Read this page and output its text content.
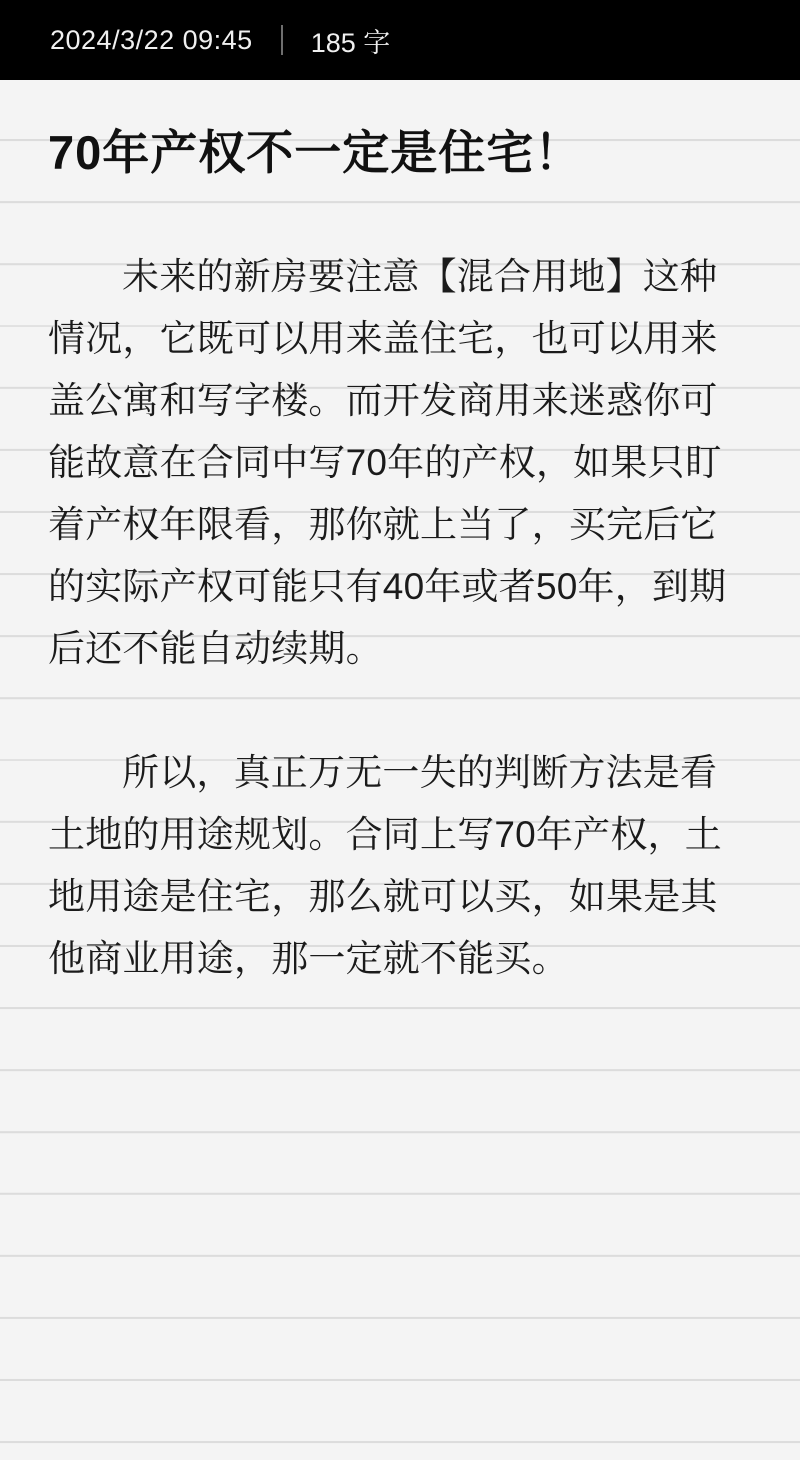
2024/3/22 09:45 185 字
70年产权不一定是住宅！

未来的新房要注意【混合用地】这种情况，它既可以用来盖住宅，也可以用来盖公寓和写字楼。而开发商用来迷惑你可能故意在合同中写70年的产权，如果只盯着产权年限看，那你就上当了，买完后它的实际产权可能只有40年或者50年，到期后还不能自动续期。

所以，真正万无一失的判断方法是看土地的用途规划。合同上写70年产权，土地用途是住宅，那么就可以买，如果是其他商业用途，那一定就不能买。
